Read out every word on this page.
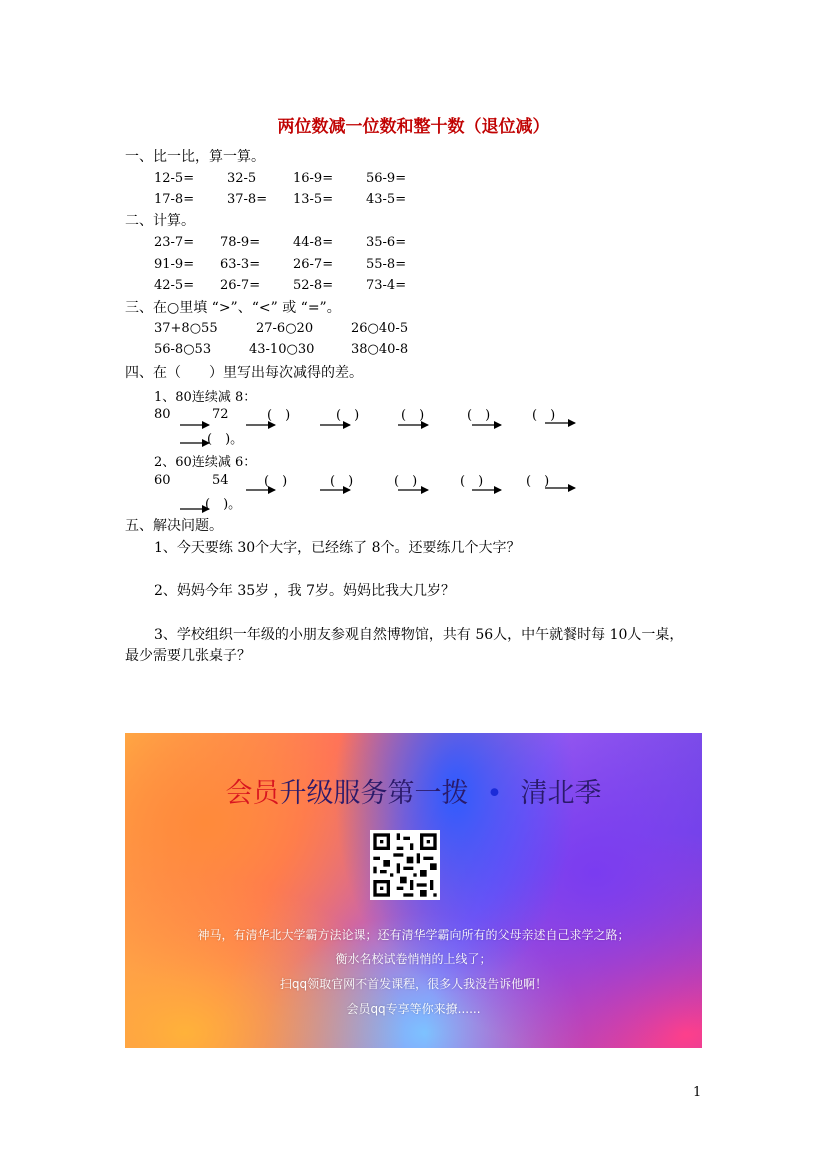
两位数减一位数和整十数（退位减）
一、比一比，算一算。
12-5=	32-5	16-9=	56-9=
17-8=	37-8= 13-5=	43-5=
二、计算。
23-7= 78-9=	44-8=	35-6=
91-9= 63-3=	26-7=	55-8=
42-5= 26-7=	52-8=	73-4=
三、在○里填 “>”、“<” 或 “=”。
37+8○55	27-6○20	26○40-5
56-8○53	43-10○30	38○40-8
四、在（　　）里写出每次减得的差。
1、80连续减 8：
80	72	(　)	(　)	(　)	(　)	(　)
(　)。
2、60连续减 6：
60	54	(　)	(　)	(　)	(　)	(　)
(　)。
五、解决问题。
1、今天要练 30个大字，已经练了 8个。还要练几个大字？
2、妈妈今年 35岁 ，我 7岁。妈妈比我大几岁？
3、学校组织一年级的小朋友参观自然博物馆，共有 56人，中午就餐时每 10人一桌，
最少需要几张桌子？
会员升级服务第一拨 • 清北季
神马，有清华北大学霸方法论课；还有清华学霸向所有的父母亲述自己求学之路；
衡水名校试卷悄悄的上线了；
扫qq领取官网不首发课程，很多人我没告诉他啊！
会员qq专享等你来撩......
1
